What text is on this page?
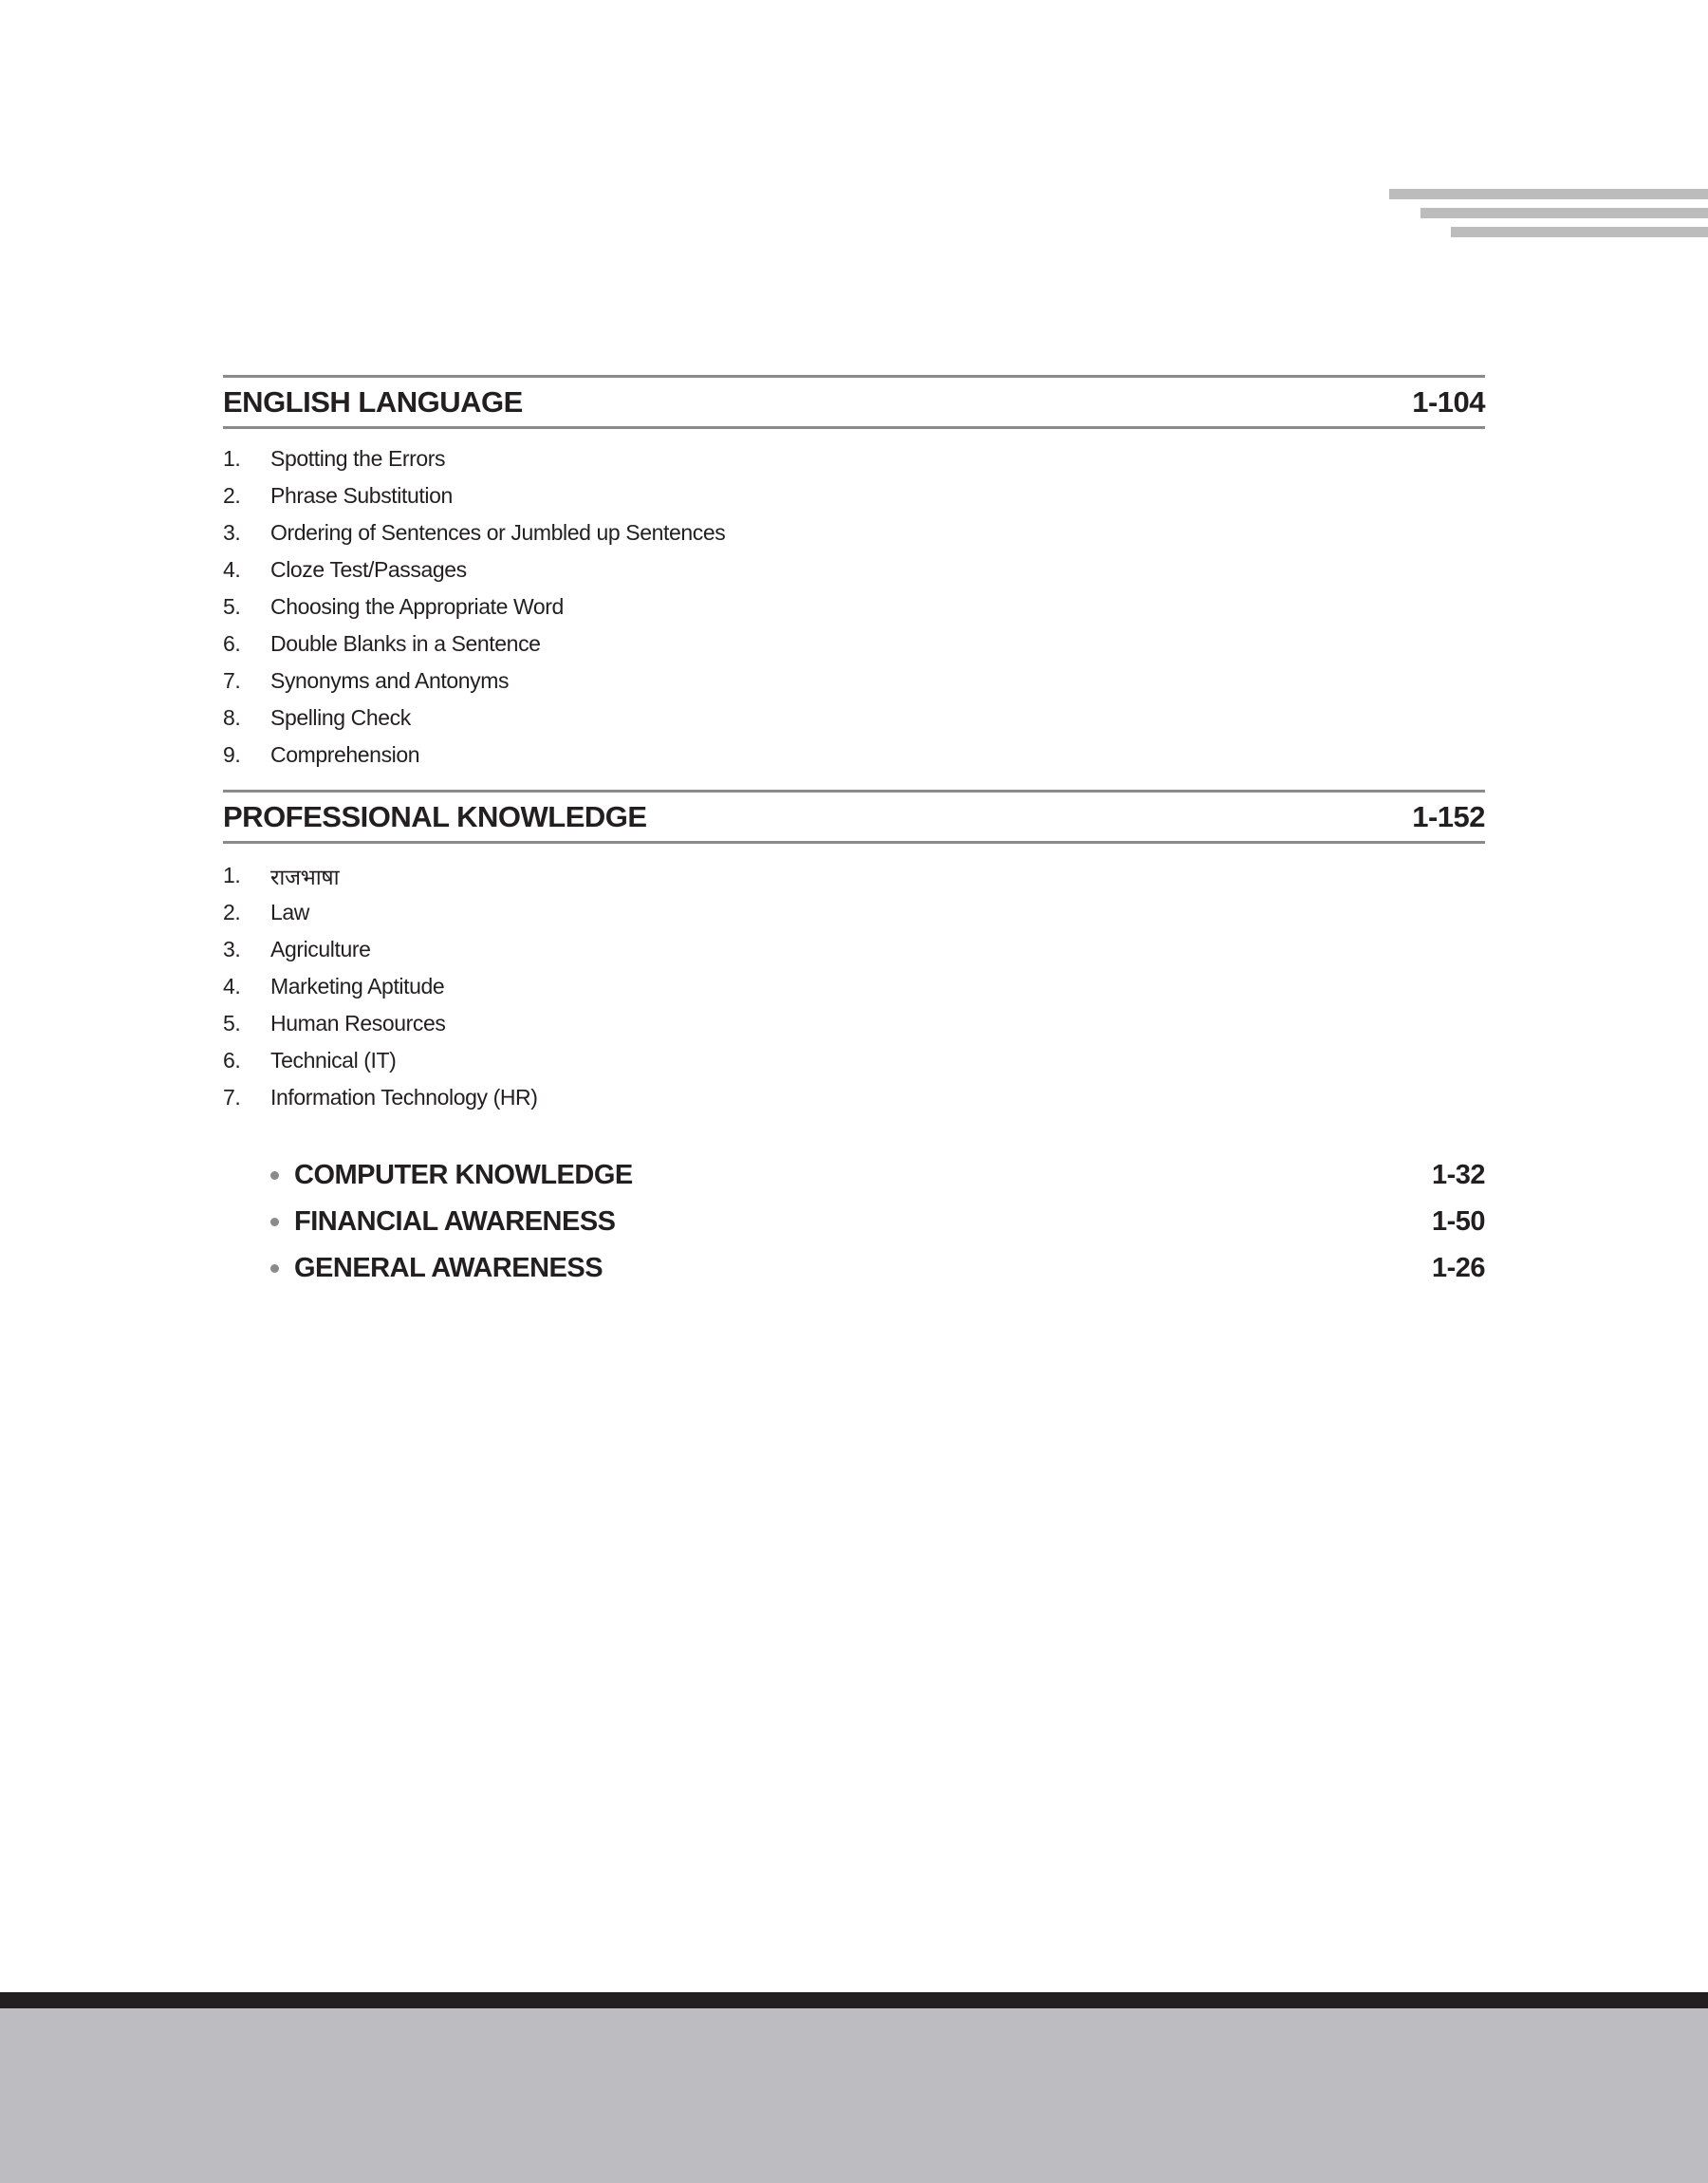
ENGLISH LANGUAGE	1-104
1.	Spotting the Errors
2.	Phrase Substitution
3.	Ordering of Sentences or Jumbled up Sentences
4.	Cloze Test/Passages
5.	Choosing the Appropriate Word
6.	Double Blanks in a Sentence
7.	Synonyms and Antonyms
8.	Spelling Check
9.	Comprehension
PROFESSIONAL KNOWLEDGE	1-152
1.	राजभाषा
2.	Law
3.	Agriculture
4.	Marketing Aptitude
5.	Human Resources
6.	Technical (IT)
7.	Information Technology (HR)
COMPUTER KNOWLEDGE	1-32
FINANCIAL AWARENESS	1-50
GENERAL AWARENESS	1-26
